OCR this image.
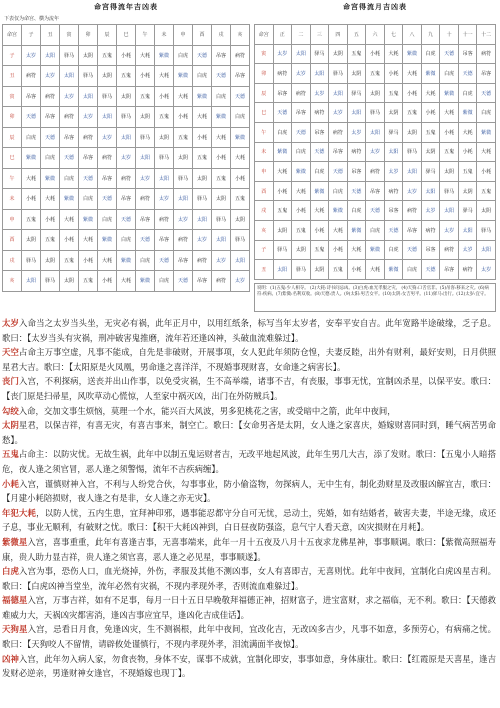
命宫得流年吉凶表
下表仅为命宫、横为流年
命宫	子	丑	寅	卯	辰	巳	午	未	申	酉	戌	亥
子	太岁	太阳	驿马	太阴	五鬼	小耗	大耗	紫微	白虎	天德	吊客	病符
丑	病符	太岁	太阳	驿马	太阴	五鬼	小耗	大耗	紫微	白虎	天德	吊客
寅	吊客	病符	太岁	太阳	驿马	太阴	五鬼	小耗	大耗	紫微	白虎	天德
卯	天德	吊客	病符	太岁	太阳	驿马	太阴	五鬼	小耗	大耗	紫微	白虎
辰	白虎	天德	吊客	病符	太岁	太阳	驿马	太阴	五鬼	小耗	大耗	紫微
巳	紫微	白虎	天德	吊客	病符	太岁	太阳	驿马	太阴	五鬼	小耗	大耗
午	大耗	紫微	白虎	天德	吊客	病符	太岁	太阳	驿马	太阴	五鬼	小耗
未	小耗	大耗	紫微	白虎	天德	吊客	病符	太岁	太阳	驿马	太阴	五鬼
申	五鬼	小耗	大耗	紫微	白虎	天德	吊客	病符	太岁	太阳	驿马	太阴
酉	太阴	五鬼	小耗	大耗	紫微	白虎	天德	吊客	病符	太岁	太阳	驿马
戌	驿马	太阴	五鬼	小耗	大耗	紫微	白虎	天德	吊客	病符	太岁	太阳
亥	太阳	驿马	太阴	五鬼	小耗	大耗	紫微	白虎	天德	吊客	病符	太岁
命宫得流月吉凶表
命宫	正	二	三	四	五	六	七	八	九	十	十一	十二
寅	太岁	太阳	驿马	太阴	五鬼	小耗	大耗	紫微	白虎	天德	吊客	病符
卯	病符	太岁	太阳	驿马	太阴	五鬼	小耗	大耗	紫微	白虎	天德	吊客
辰	吊客	病符	太岁	太阳	驿马	太阴	五鬼	小耗	大耗	紫微	白虎	天德
巳	天德	吊客	病符	太岁	太阳	驿马	太阴	五鬼	小耗	大耗	紫微	白虎
午	白虎	天德	吊客	病符	太岁	太阳	驿马	太阴	五鬼	小耗	大耗	紫微
未	紫微	白虎	天德	吊客	病符	太岁	太阳	驿马	太阴	五鬼	小耗	大耗
申	大耗	紫微	白虎	天德	吊客	病符	太岁	太阳	驿马	太阴	五鬼	小耗
酉	小耗	大耗	紫微	白虎	天德	吊客	病符	太岁	太阳	驿马	太阴	五鬼
戌	五鬼	小耗	大耗	紫微	白虎	天德	吊客	病符	太岁	太阳	驿马	太阴
亥	太阴	五鬼	小耗	大耗	紫微	白虎	天德	吊客	病符	太岁	太阳	驿马
子	驿马	太阴	五鬼	小耗	大耗	紫微	白虎	天德	吊客	病符	太岁	太阳
丑	太阳	驿马	太阴	五鬼	小耗	大耗	紫微	白虎	天德	吊客	病符	太岁
说明：(1)五鬼:少人相夺。 (2)大耗:诗书问忌凶。(3)白虎:血光孝服之灾。 (4)天狗:口舌官非。(5)吊客:移来之灾。(6)病符:疾病。(7)紫微:名利双收。(8)天德:贵人。(9)太阳:男吉女平。(10)太阴:女吉男平。(11)驿马:出行。(12)太岁:宜守。

太岁入命当之太岁当头坐，无灾必有祸，此年正月中，以用红纸条，标写当年太岁者，安奉平安自吉。此年宽路半途破缘，乏子息。歌曰：【太岁当头有灾祸，刑冲破害鬼推磨，流年若还逢凶神，头破血流难躲过】。

天空占命主万事空虚，凡事不能成，自先是非破财，开展事项，女人犯此年须防仓惶，夫妻反睦，出外有财利，最好安则，日月供照星君大吉。歌曰：【太阳原是火凤凰，男命逢之喜洋洋，不现婚事现财喜，女命逢之病害长】。

丧门入宫，不利探病，送丧并出山作事，以免受灾祸，生不高举端，诸事不吉，有丧服，事事无忧，宜制凶杀星，以保平安。歌曰：【丧门原是扫帚星，风吹草动心慌惊，人至家中祸灭凶，出门在外防贼兵】。

勾绞入命，交加文事生烦恼，莫理一个水，能兴百大风波，男多犯桃花之害，或受暗中之箭，此年中夜间，

太阴星君，以保吉祥，有喜无灾，有喜吉事来，制空亡。歌曰：【女命男吝是太阴，女人逢之家喜庆，婚嫁财喜同时到，睡气病苦男命愁】。

五鬼占命主：以防灾忧。无故生祸，此年中以制五鬼运财者吉，无改平地起风波，此年生男几大吉，添了发财。歌曰：【五鬼小人暗搭危，夜人逢之须官冒，恶人逢之须警惕，流年不吉疾病缠】。

小耗入宫，谨慎财神入宫，不利与人纷党合伙，勾事事业，防小偷盗物，勿探病人，无中生有，制化劲财星及改服凶解宜吉，歌曰：【月建小耗陪损财，夜人逢之有是非，女人逢之亦无灾】。

年犯大耗，以防人忧，五内生患，宜拜神印邪，遇事能忍都守分自可无忧，忌动土，宪婚，如有结婚者，破害夫妻，半途无缘，成还子息，事业无顺利，有破财之忧。歌曰：【积干大耗凶神到，白日昼夜防强盗，息气宁人看天意，凶灾损财在月耗】。

紫微星入宫，喜事重重，此年有喜逢吉事，无喜事端来，此年一月十五夜及八月十五夜求龙佛星神，事事顺调。歌曰：【紫微高照福寿康，贵人助力显吉祥，贵人逢之须官喜，恶人逢之必见星，事事顺遂】。

白虎入宫为事，恐伤人口，血光烧掉，外伤，孝服及其他不测凶事，女人有喜即吉，无喜则忧。此年中夜间，宜制化白虎凶星吉利。歌曰：【白虎凶神当堂坐，流年必然有灾祸，不现内孝现外孝，否则流血难躲过】。

福德星入宫，万事吉祥，如有不足事，每月一日十五日早晚敬拜福德正神，招财富子，进宝富财，求之福临，无不利。歌曰：【天德救难威力大，天祸凶灾都害消，逢凶吉事应宜早，逢凶化吉成佳话】。

天狗星入宫，忌看日月食，免逢凶灾，生不测祸根，此年中夜间，宜改化吉，无改凶多吉少，凡事不如意，多预劳心，有病痛之忧。歌曰：【天狗咬人不留情，请辟攸处谨慎行，不现内孝现外孝，泪流满面半夜惊】。

凶神入宫，此年勿入病人家，勿食丧物，身体不安，谋事不成就，宜制化即安，事事如意，身体康壮。歌曰：【红霞原是天喜星，逢吉发财必逆亲，男逢财神女逢官，不现婚嫁也现丁】。
